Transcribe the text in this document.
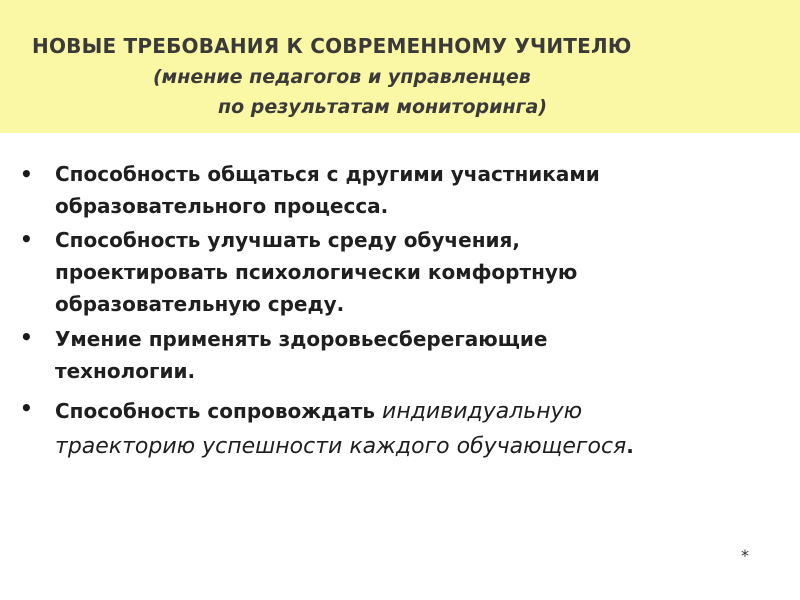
НОВЫЕ ТРЕБОВАНИЯ К СОВРЕМЕННОМУ УЧИТЕЛЮ
(мнение педагогов и управленцев
по результатам мониторинга)
•	Способность общаться с другими участниками
образовательного процесса.
•	Способность улучшать среду обучения,
проектировать психологически комфортную
образовательную среду.
•	Умение применять здоровьесберегающие
технологии.
•	Способность сопровождать индивидуальную
траекторию успешности каждого обучающегося.
*
